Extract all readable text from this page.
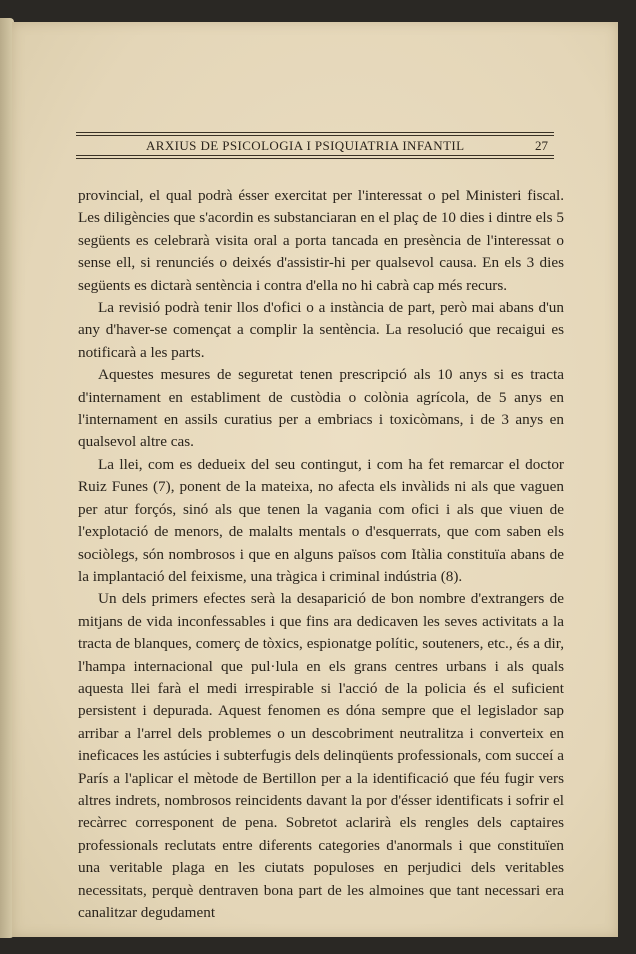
ARXIUS DE PSICOLOGIA I PSIQUIATRIA INFANTIL	27

provincial, el qual podrà ésser exercitat per l'interessat o pel Ministeri fiscal. Les diligències que s'acordin es substanciaran en el plaç de 10 dies i dintre els 5 següents es celebrarà visita oral a porta tancada en presència de l'interessat o sense ell, si renunciés o deixés d'assistir-hi per qualsevol causa. En els 3 dies següents es dictarà sentència i contra d'ella no hi cabrà cap més recurs.

La revisió podrà tenir llos d'ofici o a instància de part, però mai abans d'un any d'haver-se començat a complir la sentència. La resolució que recaigui es notificarà a les parts.

Aquestes mesures de seguretat tenen prescripció als 10 anys si es tracta d'internament en establiment de custòdia o colònia agrícola, de 5 anys en l'internament en assils curatius per a embriacs i toxicòmans, i de 3 anys en qualsevol altre cas.

La llei, com es dedueix del seu contingut, i com ha fet remarcar el doctor Ruiz Funes (7), ponent de la mateixa, no afecta els invàlids ni als que vaguen per atur forçós, sinó als que tenen la vagania com ofici i als que viuen de l'explotació de menors, de malalts mentals o d'esquerrats, que com saben els sociòlegs, són nombrosos i que en alguns països com Itàlia constituïa abans de la implantació del feixisme, una tràgica i criminal indústria (8).

Un dels primers efectes serà la desaparició de bon nombre d'extrangers de mitjans de vida inconfessables i que fins ara dedicaven les seves activitats a la tracta de blanques, comerç de tòxics, espionatge polític, souteners, etc., és a dir, l'hampa internacional que pul·lula en els grans centres urbans i als quals aquesta llei farà el medi irrespirable si l'acció de la policia és el suficient persistent i depurada. Aquest fenomen es dóna sempre que el legislador sap arribar a l'arrel dels problemes o un descobriment neutralitza i converteix en ineficaces les astúcies i subterfugis dels delinqüents professionals, com succeí a París a l'aplicar el mètode de Bertillon per a la identificació que féu fugir vers altres indrets, nombrosos reincidents davant la por d'ésser identificats i sofrir el recàrrec corresponent de pena. Sobretot aclarirà els rengles dels captaires professionals reclutats entre diferents categories d'anormals i que constituïen una veritable plaga en les ciutats populoses en perjudici dels veritables necessitats, perquè dentraven bona part de les almoines que tant necessari era canalitzar degudament
